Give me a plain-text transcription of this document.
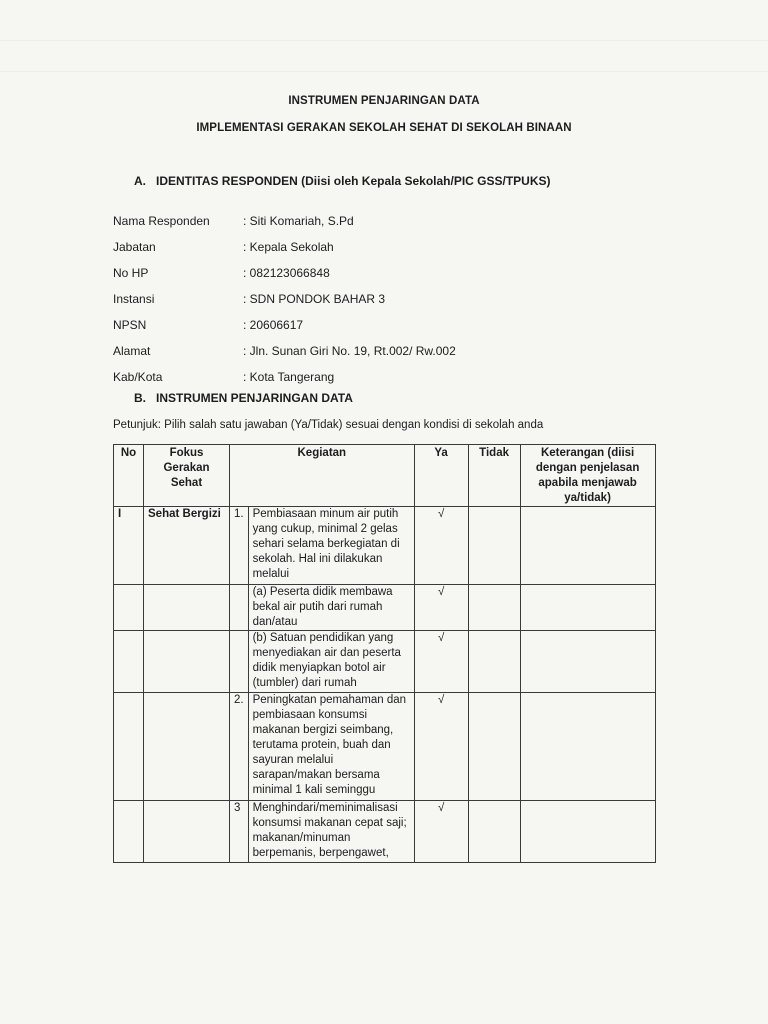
INSTRUMEN PENJARINGAN DATA
IMPLEMENTASI GERAKAN SEKOLAH SEHAT DI SEKOLAH BINAAN
A. IDENTITAS RESPONDEN (Diisi oleh Kepala Sekolah/PIC GSS/TPUKS)
Nama Responden	: Siti Komariah, S.Pd
Jabatan	: Kepala Sekolah
No HP	: 082123066848
Instansi	: SDN PONDOK BAHAR 3
NPSN	: 20606617
Alamat	: Jln. Sunan Giri No. 19, Rt.002/ Rw.002
Kab/Kota	: Kota Tangerang
B. INSTRUMEN PENJARINGAN DATA
Petunjuk: Pilih salah satu jawaban (Ya/Tidak) sesuai dengan kondisi di sekolah anda
No	Fokus Gerakan Sehat	Kegiatan		Ya	Tidak	Keterangan (diisi dengan penjelasan apabila menjawab ya/tidak)
I	Sehat Bergizi	1.	Pembiasaan minum air putih yang cukup, minimal 2 gelas sehari selama berkegiatan di sekolah. Hal ini dilakukan melalui	√		
			(a) Peserta didik membawa bekal air putih dari rumah dan/atau	√		
			(b) Satuan pendidikan yang menyediakan air dan peserta didik menyiapkan botol air (tumbler) dari rumah	√		
		2.	Peningkatan pemahaman dan pembiasaan konsumsi makanan bergizi seimbang, terutama protein, buah dan sayuran melalui sarapan/makan bersama minimal 1 kali seminggu	√		
		3	Menghindari/meminimalisasi konsumsi makanan cepat saji; makanan/minuman berpemanis, berpengawet,	√		
